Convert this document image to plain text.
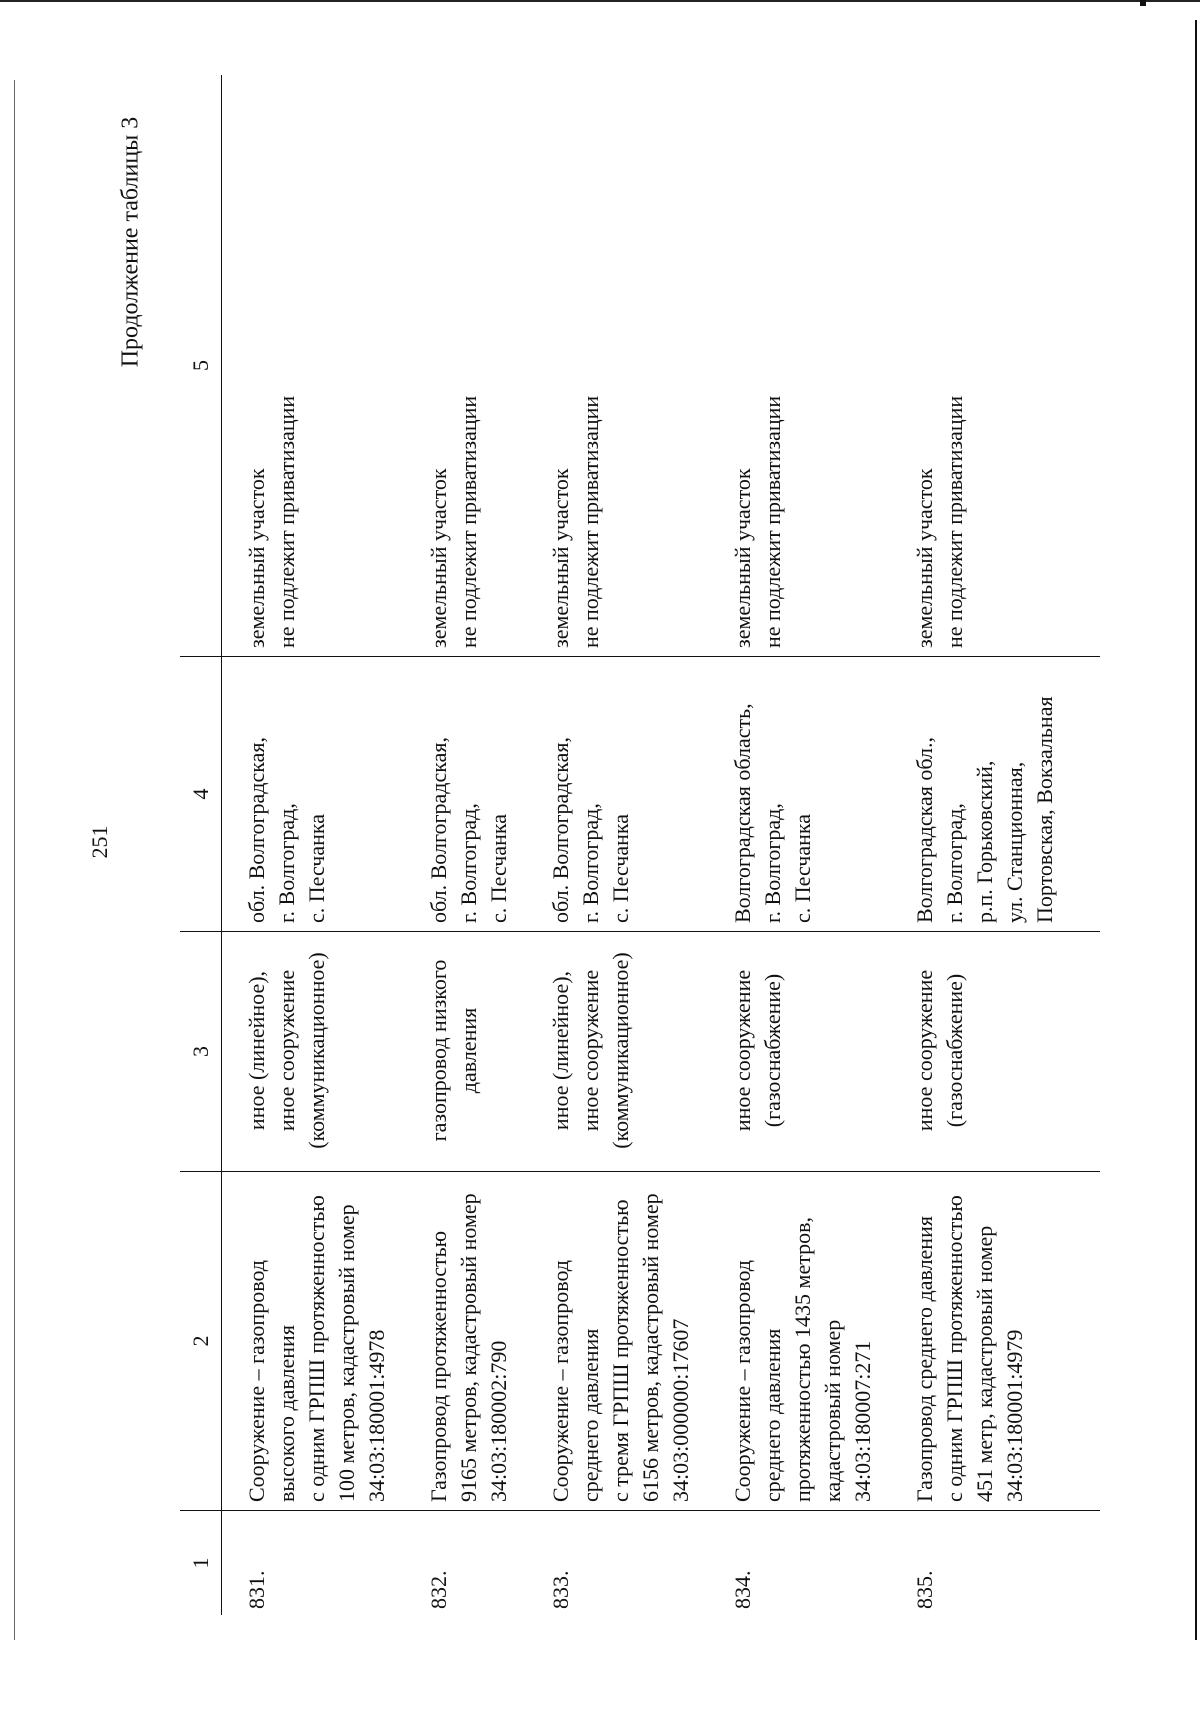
251
Продолжение таблицы 3
1	2	3	4	5
831.	Сооружение – газопровод
высокого давления
с одним ГРПШ протяженностью
100 метров, кадастровый номер
34:03:180001:4978	иное (линейное),
иное сооружение
(коммуникационное)	обл. Волгоградская,
г. Волгоград,
с. Песчанка	земельный участок
не подлежит приватизации
832.	Газопровод протяженностью
9165 метров, кадастровый номер
34:03:180002:790	газопровод низкого
давления	обл. Волгоградская,
г. Волгоград,
с. Песчанка	земельный участок
не подлежит приватизации
833.	Сооружение – газопровод
среднего давления
с тремя ГРПШ протяженностью
6156 метров, кадастровый номер
34:03:000000:17607	иное (линейное),
иное сооружение
(коммуникационное)	обл. Волгоградская,
г. Волгоград,
с. Песчанка	земельный участок
не подлежит приватизации
834.	Сооружение – газопровод
среднего давления
протяженностью 1435 метров,
кадастровый номер
34:03:180007:271	иное сооружение
(газоснабжение)	Волгоградская область,
г. Волгоград,
с. Песчанка	земельный участок
не подлежит приватизации
835.	Газопровод среднего давления
с одним ГРПШ протяженностью
451 метр, кадастровый номер
34:03:180001:4979	иное сооружение
(газоснабжение)	Волгоградская обл.,
г. Волгоград,
р.п. Горьковский,
ул. Станционная,
Портовская, Вокзальная	земельный участок
не подлежит приватизации
